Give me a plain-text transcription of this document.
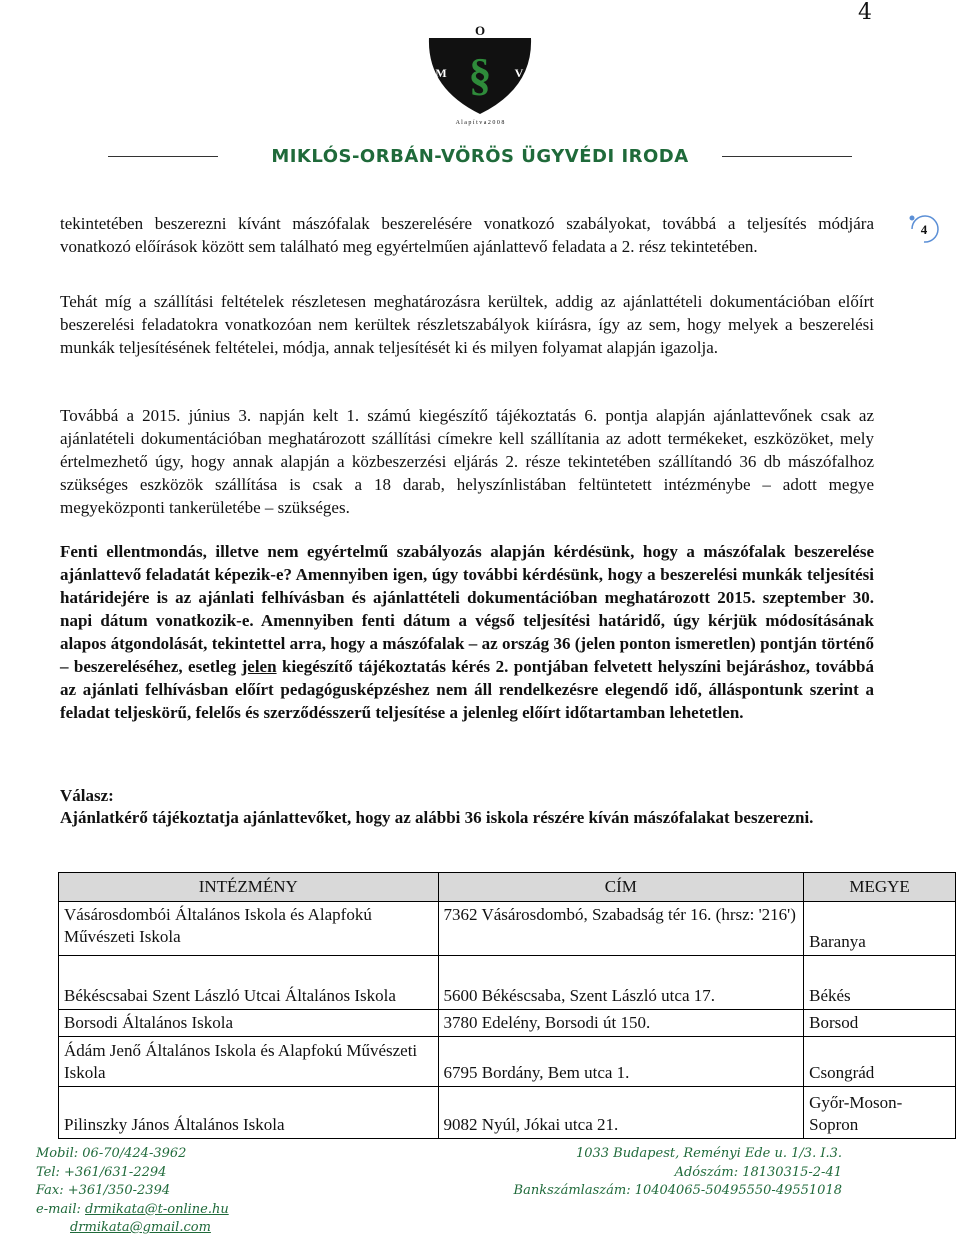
4
O
M	V
§
A l a p í t v a 2 0 0 8
MIKLÓS-ORBÁN-VÖRÖS ÜGYVÉDI IRODA
4
tekintetében beszerezni kívánt mászófalak beszerelésére vonatkozó szabályokat, továbbá a teljesítés módjára vonatkozó előírások között sem található meg egyértelműen ajánlattevő feladata a 2. rész tekintetében.
Tehát míg a szállítási feltételek részletesen meghatározásra kerültek, addig az ajánlattételi dokumentációban előírt beszerelési feladatokra vonatkozóan nem kerültek részletszabályok kiírásra, így az sem, hogy melyek a beszerelési munkák teljesítésének feltételei, módja, annak teljesítését ki és milyen folyamat alapján igazolja.
Továbbá a 2015. június 3. napján kelt 1. számú kiegészítő tájékoztatás 6. pontja alapján ajánlattevőnek csak az ajánlatételi dokumentációban meghatározott szállítási címekre kell szállítania az adott termékeket, eszközöket, mely értelmezhető úgy, hogy annak alapján a közbeszerzési eljárás 2. része tekintetében szállítandó 36 db mászófalhoz szükséges eszközök szállítása is csak a 18 darab, helyszínlistában feltüntetett intézménybe – adott megye megyeközponti tankerületébe – szükséges.
Fenti ellentmondás, illetve nem egyértelmű szabályozás alapján kérdésünk, hogy a mászófalak beszerelése ajánlattevő feladatát képezik-e? Amennyiben igen, úgy további kérdésünk, hogy a beszerelési munkák teljesítési határidejére is az ajánlati felhívásban és ajánlattételi dokumentációban meghatározott 2015. szeptember 30. napi dátum vonatkozik-e. Amennyiben fenti dátum a végső teljesítési határidő, úgy kérjük módosításának alapos átgondolását, tekintettel arra, hogy a mászófalak – az ország 36 (jelen ponton ismeretlen) pontján történő – beszereléséhez, esetleg jelen kiegészítő tájékoztatás kérés 2. pontjában felvetett helyszíni bejáráshoz, továbbá az ajánlati felhívásban előírt pedagógusképzéshez nem áll rendelkezésre elegendő idő, álláspontunk szerint a feladat teljeskörű, felelős és szerződésszerű teljesítése a jelenleg előírt időtartamban lehetetlen.
Válasz:
Ajánlatkérő tájékoztatja ajánlattevőket, hogy az alábbi 36 iskola részére kíván mászófalakat beszerezni.
INTÉZMÉNY	CÍM	MEGYE
Vásárosdombói Általános Iskola és Alapfokú Művészeti Iskola	7362 Vásárosdombó, Szabadság tér 16. (hrsz: '216')	Baranya
Békéscsabai Szent László Utcai Általános Iskola	5600 Békéscsaba, Szent László utca 17.	Békés
Borsodi Általános Iskola	3780 Edelény, Borsodi út 150.	Borsod
Ádám Jenő Általános Iskola és Alapfokú Művészeti Iskola	6795 Bordány, Bem utca 1.	Csongrád
Pilinszky János Általános Iskola	9082 Nyúl, Jókai utca 21.	Győr-Moson-Sopron
Mobil: 06-70/424-3962
Tel: +361/631-2294
Fax: +361/350-2394
e-mail: drmikata@t-online.hu
drmikata@gmail.com
1033 Budapest, Reményi Ede u. 1/3. I.3.
Adószám: 18130315-2-41
Bankszámlaszám: 10404065-50495550-49551018
